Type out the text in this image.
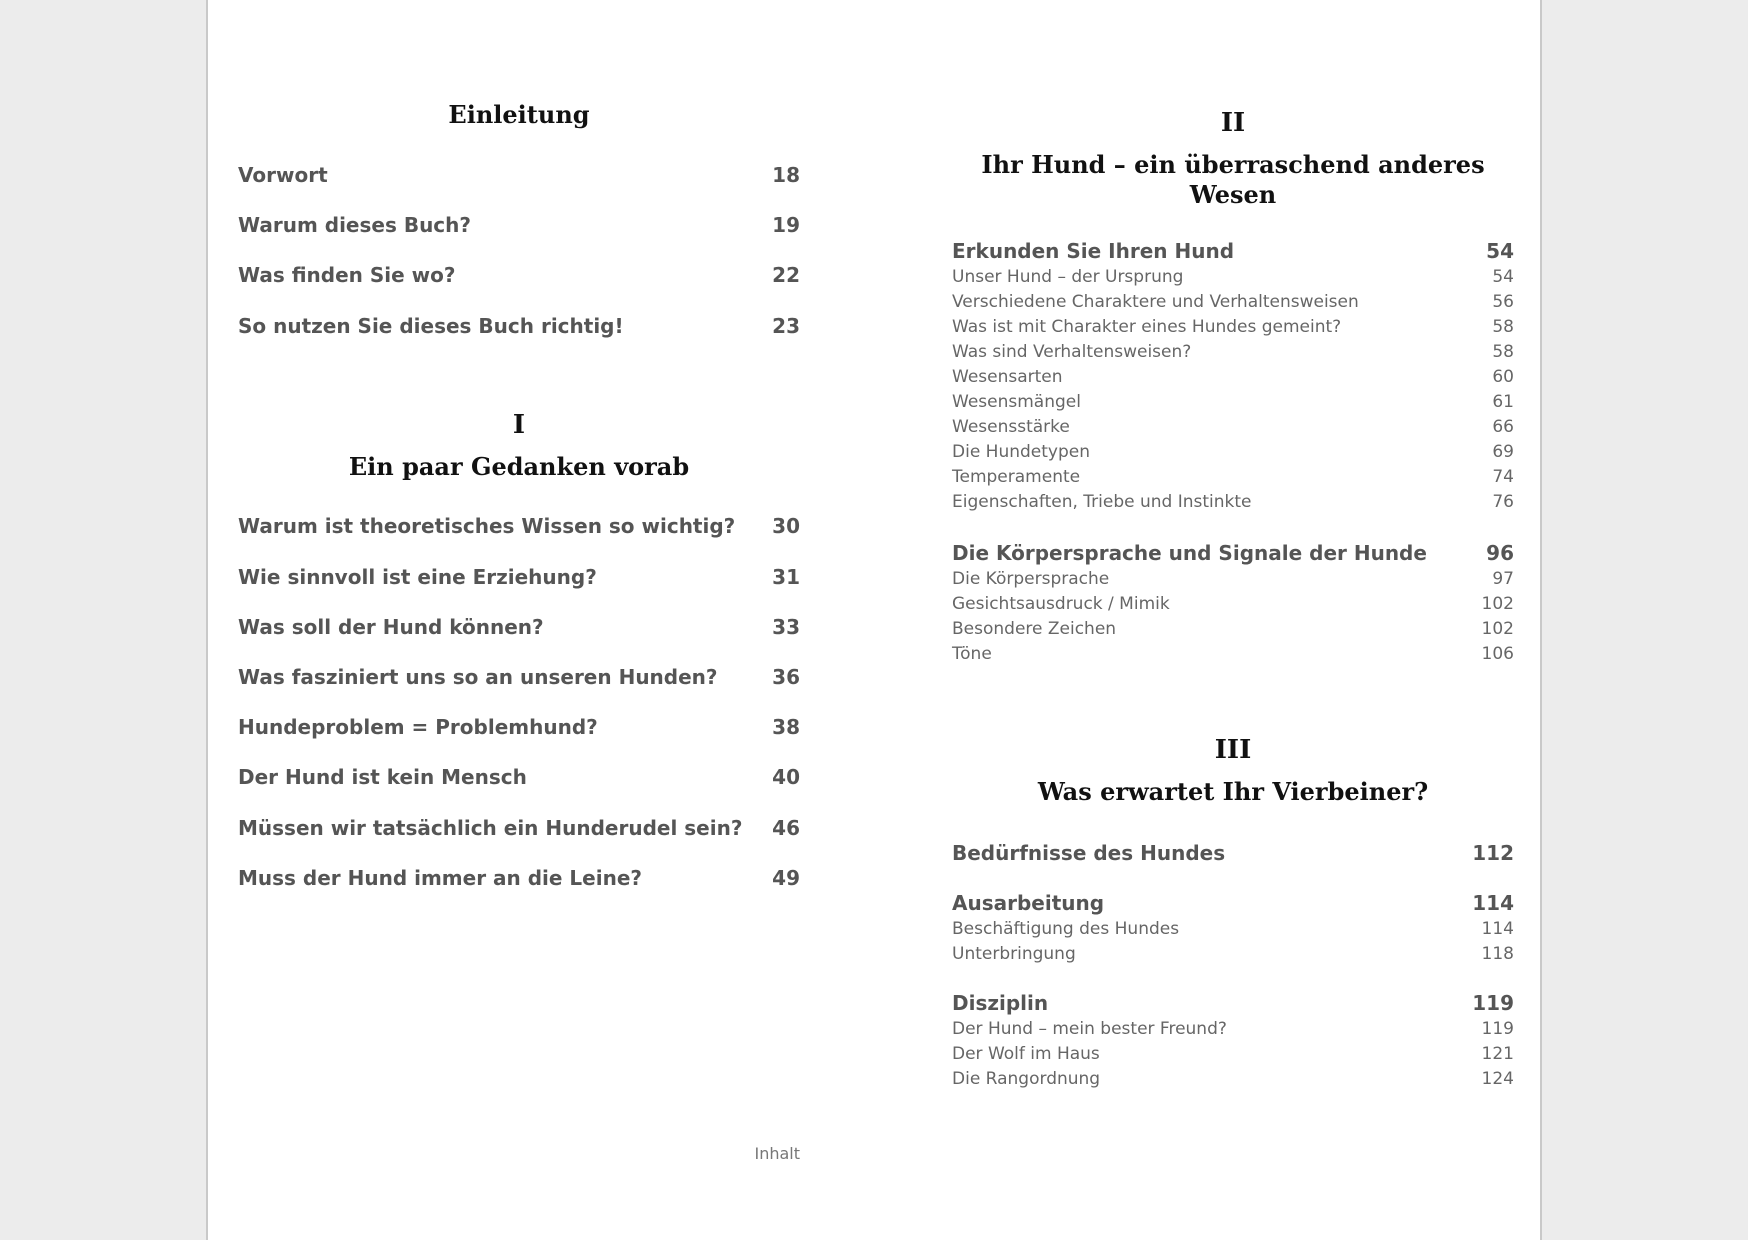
Einleitung
Vorwort	18
Warum dieses Buch?	19
Was finden Sie wo?	22
So nutzen Sie dieses Buch richtig!	23
I
Ein paar Gedanken vorab
Warum ist theoretisches Wissen so wichtig? 30
Wie sinnvoll ist eine Erziehung?	31
Was soll der Hund können?	33
Was fasziniert uns so an unseren Hunden?	36
Hundeproblem = Problemhund?	38
Der Hund ist kein Mensch	40
Müssen wir tatsächlich ein Hunderudel sein? 46
Muss der Hund immer an die Leine?	49
Inhalt
II
Ihr Hund – ein überraschend anderes
Wesen
Erkunden Sie Ihren Hund	54
Unser Hund – der Ursprung	54
Verschiedene Charaktere und Verhaltensweisen	56
Was ist mit Charakter eines Hundes gemeint?	58
Was sind Verhaltensweisen?	58
Wesensarten	60
Wesensmängel	61
Wesensstärke	66
Die Hundetypen	69
Temperamente	74
Eigenschaften, Triebe und Instinkte	76
Die Körpersprache und Signale der Hunde	96
Die Körpersprache	97
Gesichtsausdruck / Mimik	102
Besondere Zeichen	102
Töne	106
III
Was erwartet Ihr Vierbeiner?
Bedürfnisse des Hundes	112
Ausarbeitung	114
Beschäftigung des Hundes	114
Unterbringung	118
Disziplin	119
Der Hund – mein bester Freund?	119
Der Wolf im Haus	121
Die Rangordnung	124
